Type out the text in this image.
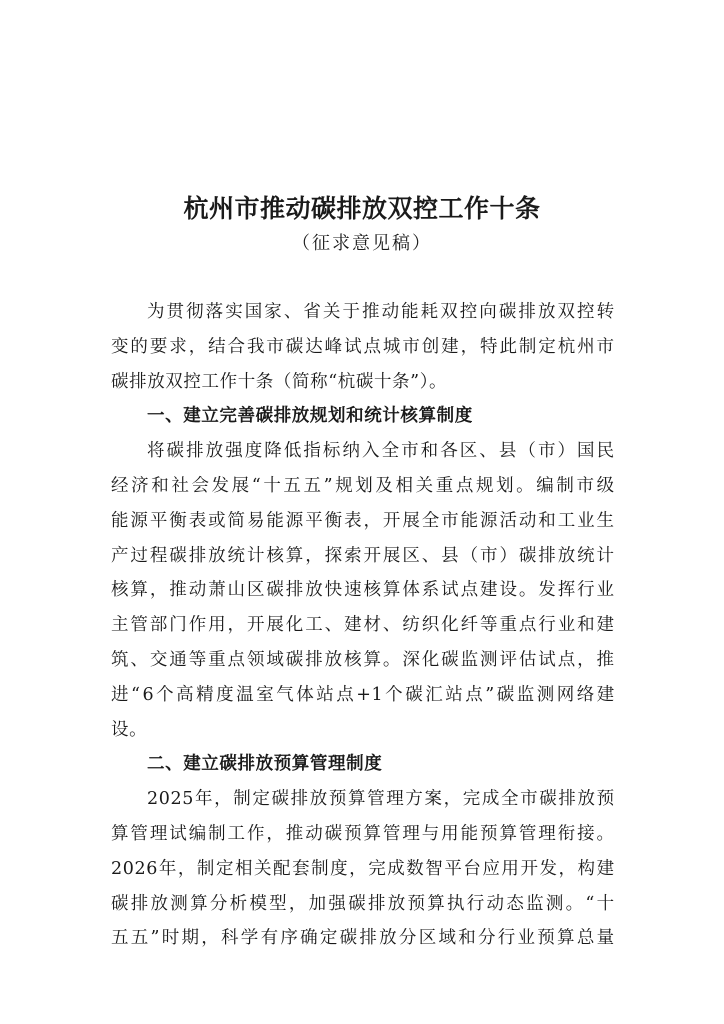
杭州市推动碳排放双控工作十条

（征求意见稿）

为 贯 彻 落 实 国 家 、 省 关 于 推 动 能 耗 双 控 向 碳 排 放 双 控 转
变 的 要 求 ， 结 合 我 市 碳 达 峰 试 点 城 市 创 建 ， 特 此 制 定 杭 州 市
碳排放双控工作十条（简称“杭碳十条”）。
一、建立完善碳排放规划和统计核算制度
将 碳 排 放 强 度 降 低 指 标 纳 入 全 市 和 各 区 、 县 （ 市 ） 国 民
经 济 和 社 会 发 展 “ 十 五 五 ” 规 划 及 相 关 重 点 规 划 。 编 制 市 级
能 源 平 衡 表 或 简 易 能 源 平 衡 表 ， 开 展 全 市 能 源 活 动 和 工 业 生
产 过 程 碳 排 放 统 计 核 算 ， 探 索 开 展 区 、 县 （ 市 ） 碳 排 放 统 计
核 算 ， 推 动 萧 山 区 碳 排 放 快 速 核 算 体 系 试 点 建 设 。 发 挥 行 业
主 管 部 门 作 用 ， 开 展 化 工 、 建 材 、 纺 织 化 纤 等 重 点 行 业 和 建
筑 、 交 通 等 重 点 领 域 碳 排 放 核 算 。 深 化 碳 监 测 评 估 试 点 ， 推
进 “ 6 个 高 精 度 温 室 气 体 站 点 +1 个 碳 汇 站 点 ” 碳 监 测 网 络 建
设。
二、建立碳排放预算管理制度
2025 年 ， 制 定 碳 排 放 预 算 管 理 方 案 ， 完 成 全 市 碳 排 放 预
算 管 理 试 编 制 工 作 ， 推 动 碳 预 算 管 理 与 用 能 预 算 管 理 衔 接 。
2026 年 ， 制 定 相 关 配 套 制 度 ， 完 成 数 智 平 台 应 用 开 发 ， 构 建
碳 排 放 测 算 分 析 模 型 ， 加 强 碳 排 放 预 算 执 行 动 态 监 测 。 “ 十
五 五 ” 时 期 ， 科 学 有 序 确 定 碳 排 放 分 区 域 和 分 行 业 预 算 总 量
